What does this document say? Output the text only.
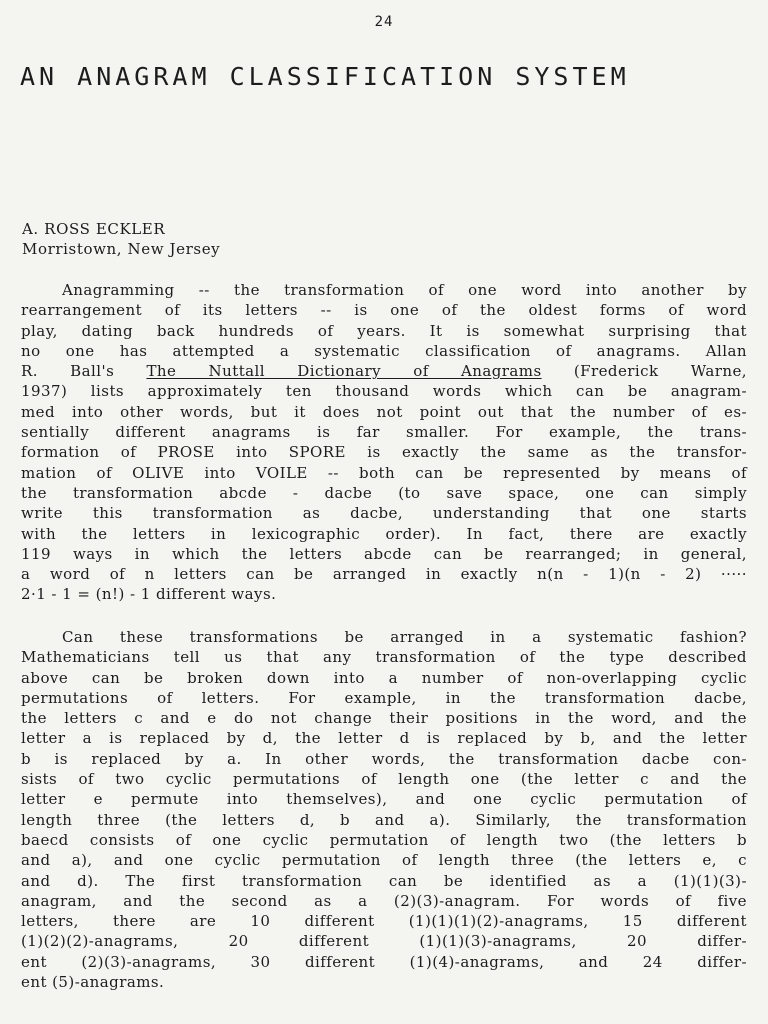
24
AN ANAGRAM CLASSIFICATION SYSTEM
A. ROSS ECKLER
Morristown, New Jersey
Anagramming -- the transformation of one word into another by
rearrangement of its letters -- is one of the oldest forms of word
play, dating back hundreds of years. It is somewhat surprising that
no one has attempted a systematic classification of anagrams. Allan
R. Ball's The Nuttall Dictionary of Anagrams (Frederick Warne,
1937) lists approximately ten thousand words which can be anagram-
med into other words, but it does not point out that the number of es-
sentially different anagrams is far smaller. For example, the trans-
formation of PROSE into SPORE is exactly the same as the transfor-
mation of OLIVE into VOILE -- both can be represented by means of
the transformation abcde - dacbe (to save space, one can simply
write this transformation as dacbe, understanding that one starts
with the letters in lexicographic order). In fact, there are exactly
119 ways in which the letters abcde can be rearranged; in general,
a word of n letters can be arranged in exactly n(n - 1)(n - 2) ·····
2·1 - 1 = (n!) - 1 different ways.
Can these transformations be arranged in a systematic fashion?
Mathematicians tell us that any transformation of the type described
above can be broken down into a number of non-overlapping cyclic
permutations of letters. For example, in the transformation dacbe,
the letters c and e do not change their positions in the word, and the
letter a is replaced by d, the letter d is replaced by b, and the letter
b is replaced by a. In other words, the transformation dacbe con-
sists of two cyclic permutations of length one (the letter c and the
letter e permute into themselves), and one cyclic permutation of
length three (the letters d, b and a). Similarly, the transformation
baecd consists of one cyclic permutation of length two (the letters b
and a), and one cyclic permutation of length three (the letters e, c
and d). The first transformation can be identified as a (1)(1)(3)-
anagram, and the second as a (2)(3)-anagram. For words of five
letters, there are 10 different (1)(1)(1)(2)-anagrams, 15 different
(1)(2)(2)-anagrams, 20 different (1)(1)(3)-anagrams, 20 differ-
ent (2)(3)-anagrams, 30 different (1)(4)-anagrams, and 24 differ-
ent (5)-anagrams.
